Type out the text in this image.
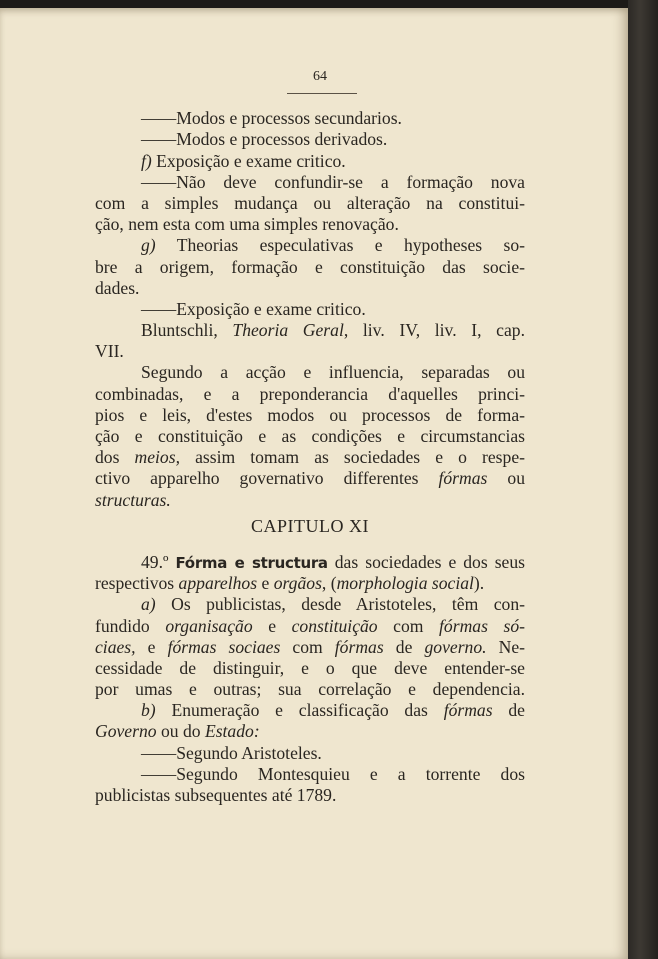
64
——Modos e processos secundarios.
——Modos e processos derivados.
f) Exposição e exame critico.
——Não deve confundir-se a formação nova
com a simples mudança ou alteração na constitui-
ção, nem esta com uma simples renovação.
g) Theorias especulativas e hypotheses so-
bre a origem, formação e constituição das socie-
dades.
——Exposição e exame critico.
Bluntschli, Theoria Geral, liv. IV, liv. I, cap.
VII.
Segundo a acção e influencia, separadas ou
combinadas, e a preponderancia d'aquelles princi-
pios e leis, d'estes modos ou processos de forma-
ção e constituição e as condições e circumstancias
dos meios, assim tomam as sociedades e o respe-
ctivo apparelho governativo differentes fórmas ou
structuras.
CAPITULO XI
49.º Fórma e structura das sociedades e dos seus
respectivos apparelhos e orgãos, (morphologia social).
a) Os publicistas, desde Aristoteles, têm con-
fundido organisação e constituição com fórmas só-
ciaes, e fórmas sociaes com fórmas de governo. Ne-
cessidade de distinguir, e o que deve entender-se
por umas e outras; sua correlação e dependencia.
b) Enumeração e classificação das fórmas de
Governo ou do Estado:
——Segundo Aristoteles.
——Segundo Montesquieu e a torrente dos
publicistas subsequentes até 1789.
